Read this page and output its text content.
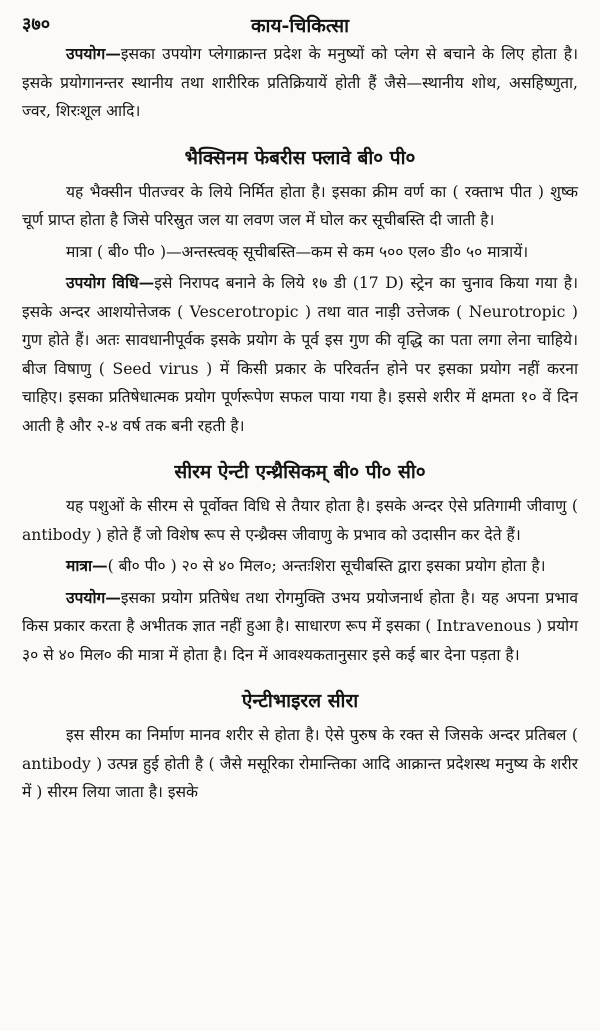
३७०	काय-चिकित्सा

उपयोग—इसका उपयोग प्लेगाक्रान्त प्रदेश के मनुष्यों को प्लेग से बचाने के लिए होता है। इसके प्रयोगानन्तर स्थानीय तथा शारीरिक प्रतिक्रियायें होती हैं जैसे—स्थानीय शोथ, असहिष्णुता, ज्वर, शिरःशूल आदि।

भैक्सिनम फेबरीस फ्लावे बी० पी०

यह भैक्सीन पीतज्वर के लिये निर्मित होता है। इसका क्रीम वर्ण का ( रक्ताभ पीत ) शुष्क चूर्ण प्राप्त होता है जिसे परिस्रुत जल या लवण जल में घोल कर सूचीबस्ति दी जाती है।

मात्रा ( बी० पी० )—अन्तस्त्वक् सूचीबस्ति—कम से कम ५०० एल० डी० ५० मात्रायें।

उपयोग विधि—इसे निरापद बनाने के लिये १७ डी (17 D) स्ट्रेन का चुनाव किया गया है। इसके अन्दर आशयोत्तेजक ( Vescerotropic ) तथा वात नाड़ी उत्तेजक ( Neurotropic ) गुण होते हैं। अतः सावधानीपूर्वक इसके प्रयोग के पूर्व इस गुण की वृद्धि का पता लगा लेना चाहिये। बीज विषाणु ( Seed virus ) में किसी प्रकार के परिवर्तन होने पर इसका प्रयोग नहीं करना चाहिए। इसका प्रतिषेधात्मक प्रयोग पूर्णरूपेण सफल पाया गया है। इससे शरीर में क्षमता १० वें दिन आती है और २-४ वर्ष तक बनी रहती है।

सीरम ऐन्टी एन्थ्रैसिकम् बी० पी० सी०

यह पशुओं के सीरम से पूर्वोक्त विधि से तैयार होता है। इसके अन्दर ऐसे प्रतिगामी जीवाणु ( antibody ) होते हैं जो विशेष रूप से एन्थ्रैक्स जीवाणु के प्रभाव को उदासीन कर देते हैं।

मात्रा—( बी० पी० ) २० से ४० मिल०; अन्तःशिरा सूचीबस्ति द्वारा इसका प्रयोग होता है।

उपयोग—इसका प्रयोग प्रतिषेध तथा रोगमुक्ति उभय प्रयोजनार्थ होता है। यह अपना प्रभाव किस प्रकार करता है अभीतक ज्ञात नहीं हुआ है। साधारण रूप में इसका ( Intravenous ) प्रयोग ३० से ४० मिल० की मात्रा में होता है। दिन में आवश्यकतानुसार इसे कई बार देना पड़ता है।

ऐन्टीभाइरल सीरा

इस सीरम का निर्माण मानव शरीर से होता है। ऐसे पुरुष के रक्त से जिसके अन्दर प्रतिबल ( antibody ) उत्पन्न हुई होती है ( जैसे मसूरिका रोमान्तिका आदि आक्रान्त प्रदेशस्थ मनुष्य के शरीर में ) सीरम लिया जाता है। इसके
